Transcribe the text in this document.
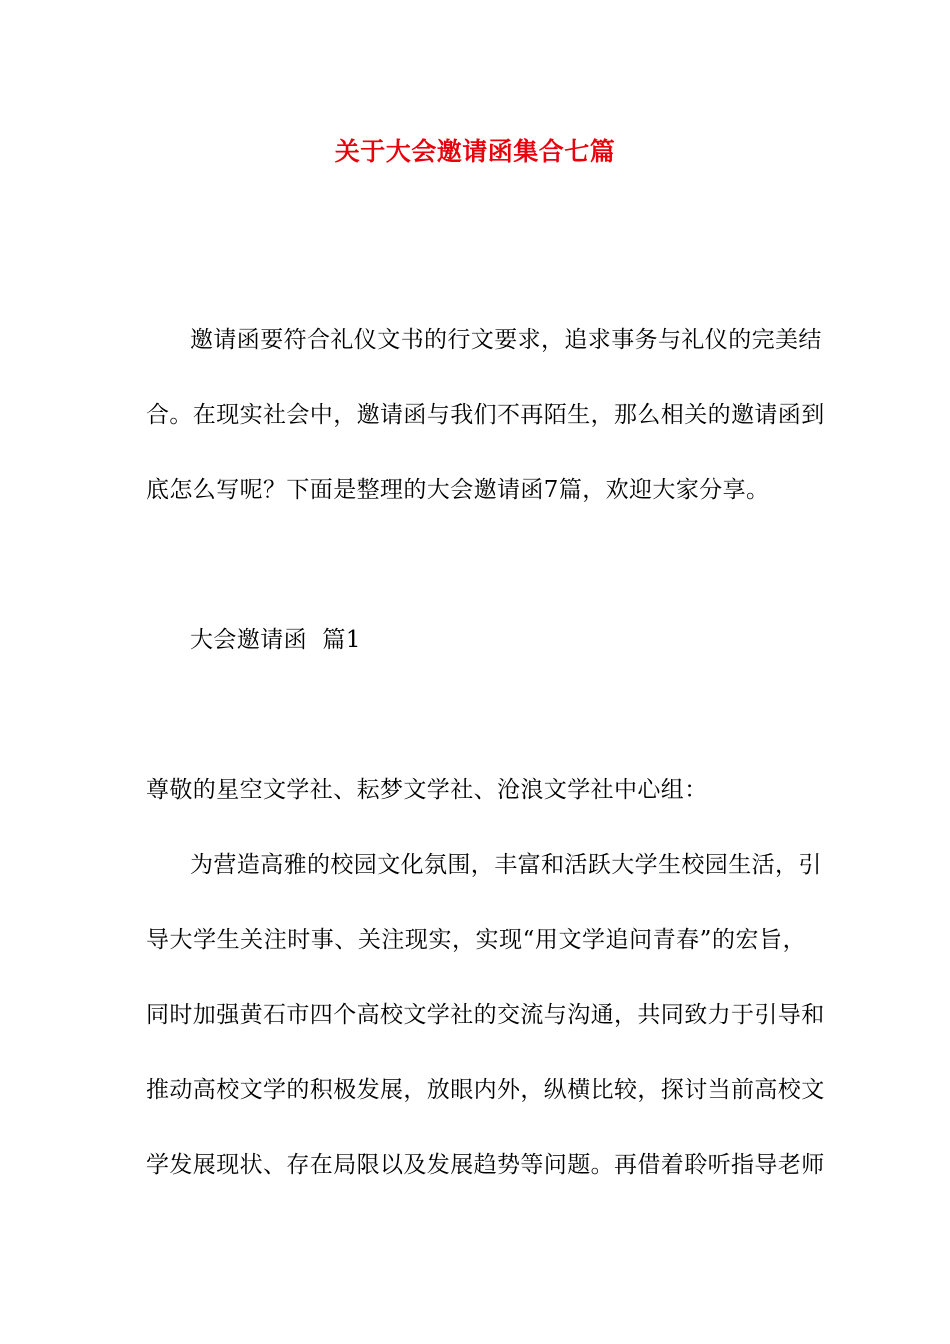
关于大会邀请函集合七篇
邀请函要符合礼仪文书的行文要求，追求事务与礼仪的完美结
合。在现实社会中，邀请函与我们不再陌生，那么相关的邀请函到
底怎么写呢？下面是整理的大会邀请函7篇，欢迎大家分享。
大会邀请函  篇1
尊敬的星空文学社、耘梦文学社、沧浪文学社中心组：
为营造高雅的校园文化氛围，丰富和活跃大学生校园生活，引
导大学生关注时事、关注现实，实现“用文学追问青春”的宏旨，
同时加强黄石市四个高校文学社的交流与沟通，共同致力于引导和
推动高校文学的积极发展，放眼内外，纵横比较，探讨当前高校文
学发展现状、存在局限以及发展趋势等问题。再借着聆听指导老师
